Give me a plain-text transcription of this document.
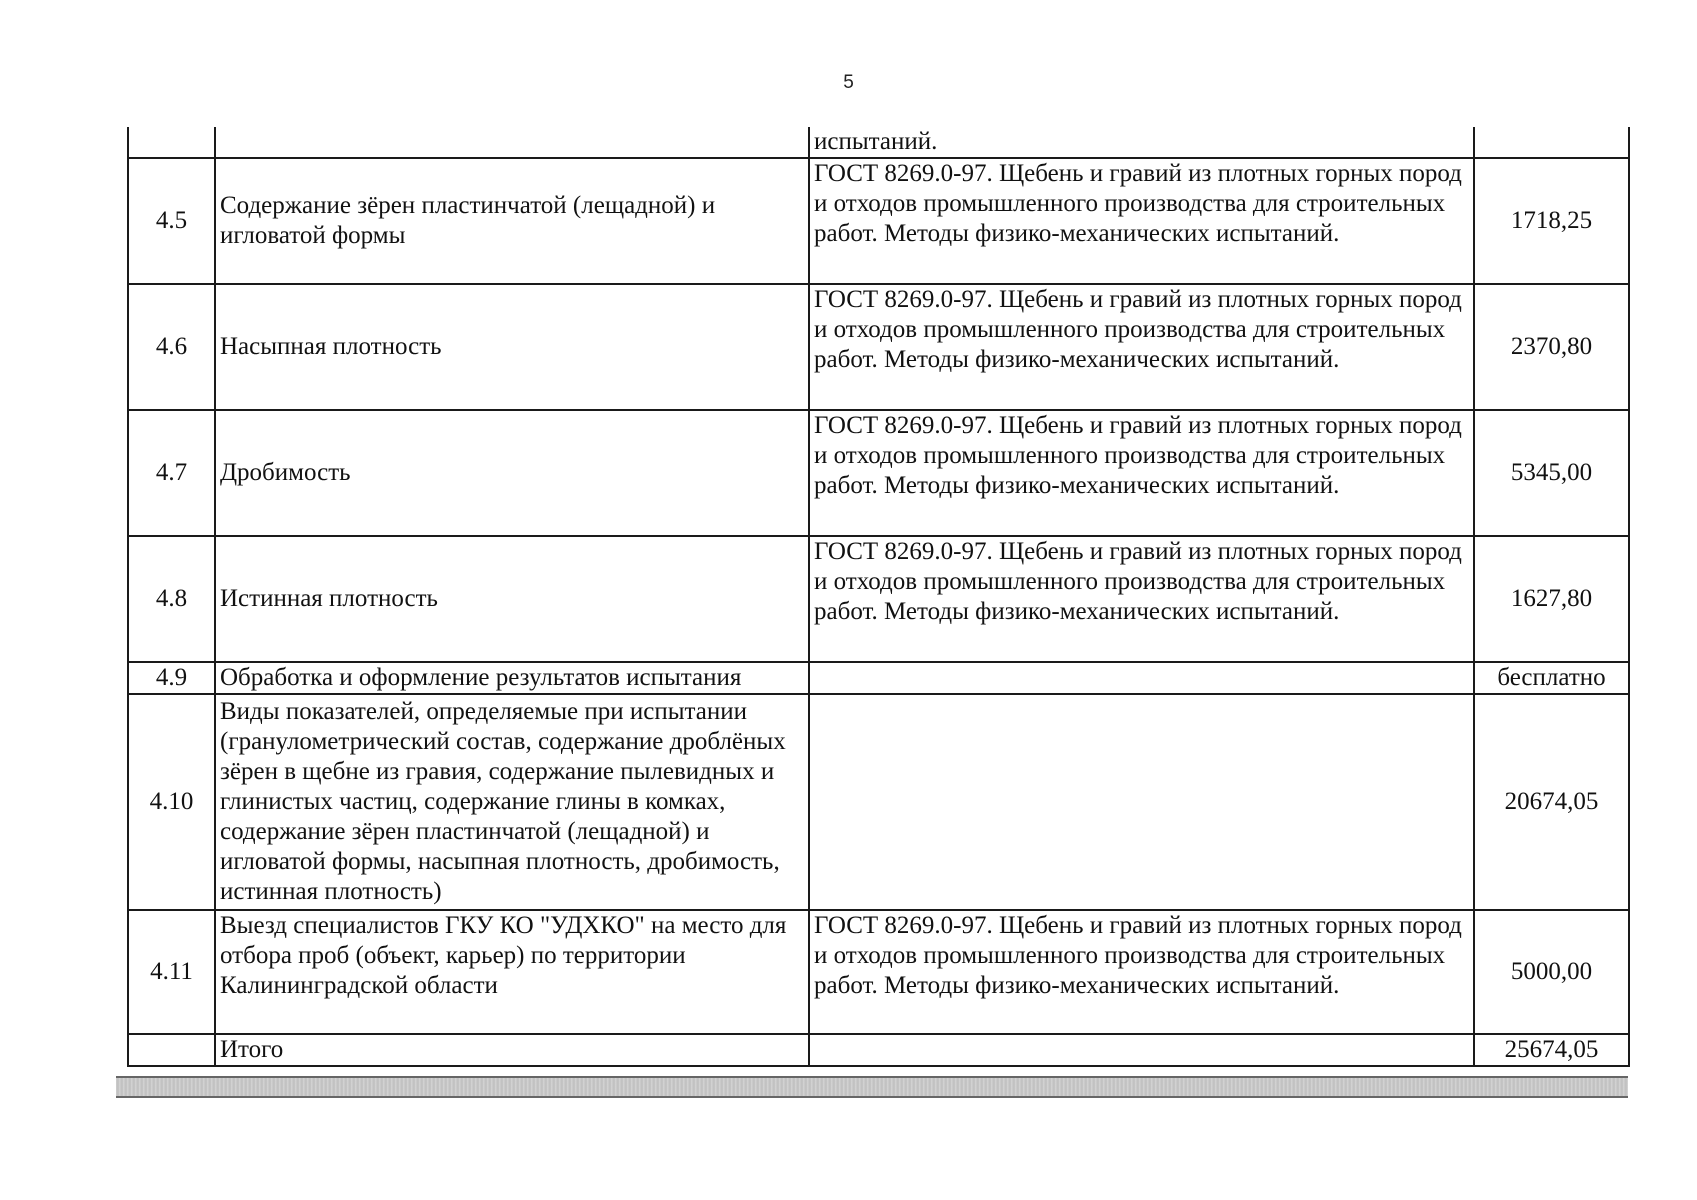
5
		испытаний.	
4.5	Содержание зёрен пластинчатой (лещадной) и игловатой формы	ГОСТ 8269.0-97. Щебень и гравий из плотных горных пород и отходов промышленного производства для строительных работ. Методы физико-механических испытаний.	1718,25
4.6	Насыпная плотность	ГОСТ 8269.0-97. Щебень и гравий из плотных горных пород и отходов промышленного производства для строительных работ. Методы физико-механических испытаний.	2370,80
4.7	Дробимость	ГОСТ 8269.0-97. Щебень и гравий из плотных горных пород и отходов промышленного производства для строительных работ. Методы физико-механических испытаний.	5345,00
4.8	Истинная плотность	ГОСТ 8269.0-97. Щебень и гравий из плотных горных пород и отходов промышленного производства для строительных работ. Методы физико-механических испытаний.	1627,80
4.9	Обработка и оформление результатов испытания		бесплатно
4.10	Виды показателей, определяемые при испытании (гранулометрический состав, содержание дроблёных зёрен в щебне из гравия, содержание пылевидных и глинистых частиц, содержание глины в комках, содержание зёрен пластинчатой (лещадной) и игловатой формы, насыпная плотность, дробимость, истинная плотность)		20674,05
4.11	Выезд специалистов ГКУ КО "УДХКО" на место для отбора проб (объект, карьер) по территории Калининградской области	ГОСТ 8269.0-97. Щебень и гравий из плотных горных пород и отходов промышленного производства для строительных работ. Методы физико-механических испытаний.	5000,00
	Итого		25674,05
